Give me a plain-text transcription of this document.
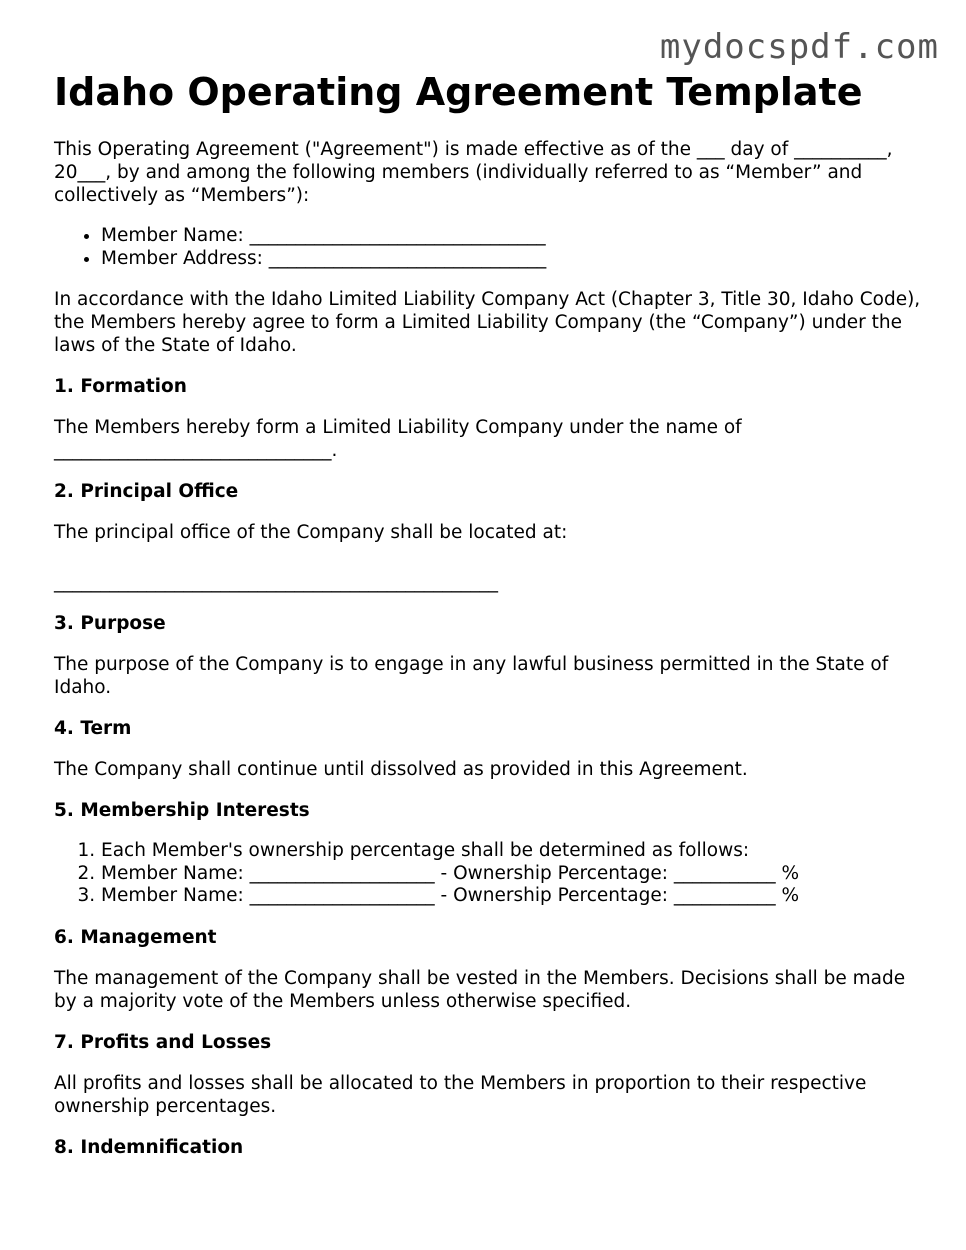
mydocspdf.com
Idaho Operating Agreement Template

This Operating Agreement ("Agreement") is made effective as of the ___ day of __________, 20___, by and among the following members (individually referred to as “Member” and collectively as “Members”):

• Member Name: ________________________________
• Member Address: ______________________________

In accordance with the Idaho Limited Liability Company Act (Chapter 3, Title 30, Idaho Code), the Members hereby agree to form a Limited Liability Company (the “Company”) under the laws of the State of Idaho.

1. Formation

The Members hereby form a Limited Liability Company under the name of ______________________________.

2. Principal Office

The principal office of the Company shall be located at:

________________________________________________

3. Purpose

The purpose of the Company is to engage in any lawful business permitted in the State of Idaho.

4. Term

The Company shall continue until dissolved as provided in this Agreement.

5. Membership Interests
1. Each Member's ownership percentage shall be determined as follows:
2. Member Name: ____________________ - Ownership Percentage: ___________ %
3. Member Name: ____________________ - Ownership Percentage: ___________ %
6. Management

The management of the Company shall be vested in the Members. Decisions shall be made by a majority vote of the Members unless otherwise specified.

7. Profits and Losses

All profits and losses shall be allocated to the Members in proportion to their respective ownership percentages.

8. Indemnification
